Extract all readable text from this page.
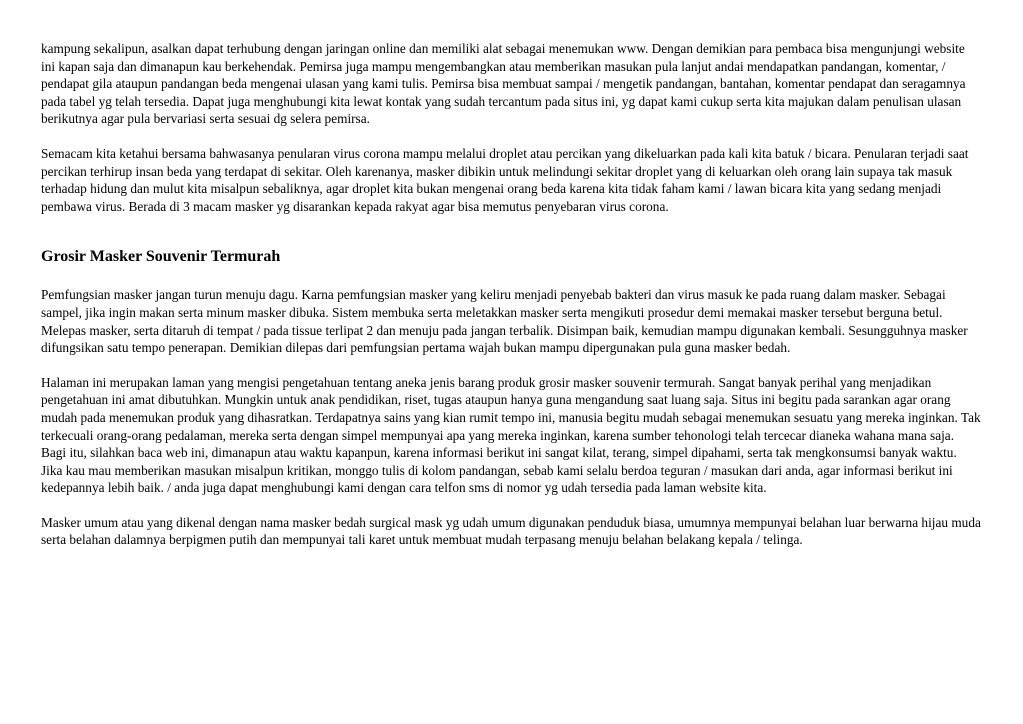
kampung sekalipun, asalkan dapat terhubung dengan jaringan online dan memiliki alat sebagai menemukan www. Dengan demikian para pembaca bisa mengunjungi website ini kapan saja dan dimanapun kau berkehendak. Pemirsa juga mampu mengembangkan atau memberikan masukan pula lanjut andai mendapatkan pandangan, komentar, / pendapat gila ataupun pandangan beda mengenai ulasan yang kami tulis. Pemirsa bisa membuat sampai / mengetik pandangan, bantahan, komentar pendapat dan seragamnya pada tabel yg telah tersedia. Dapat juga menghubungi kita lewat kontak yang sudah tercantum pada situs ini, yg dapat kami cukup serta kita majukan dalam penulisan ulasan berikutnya agar pula bervariasi serta sesuai dg selera pemirsa.

Semacam kita ketahui bersama bahwasanya penularan virus corona mampu melalui droplet atau percikan yang dikeluarkan pada kali kita batuk / bicara. Penularan terjadi saat percikan terhirup insan beda yang terdapat di sekitar. Oleh karenanya, masker dibikin untuk melindungi sekitar droplet yang di keluarkan oleh orang lain supaya tak masuk terhadap hidung dan mulut kita misalpun sebaliknya, agar droplet kita bukan mengenai orang beda karena kita tidak faham kami / lawan bicara kita yang sedang menjadi pembawa virus. Berada di 3 macam masker yg disarankan kepada rakyat agar bisa memutus penyebaran virus corona.

Grosir Masker Souvenir Termurah

Pemfungsian masker jangan turun menuju dagu. Karna pemfungsian masker yang keliru menjadi penyebab bakteri dan virus masuk ke pada ruang dalam masker. Sebagai sampel, jika ingin makan serta minum masker dibuka. Sistem membuka serta meletakkan masker serta mengikuti prosedur demi memakai masker tersebut berguna betul. Melepas masker, serta ditaruh di tempat / pada tissue terlipat 2 dan menuju pada jangan terbalik. Disimpan baik, kemudian mampu digunakan kembali. Sesungguhnya masker difungsikan satu tempo penerapan. Demikian dilepas dari pemfungsian pertama wajah bukan mampu dipergunakan pula guna masker bedah.

Halaman ini merupakan laman yang mengisi pengetahuan tentang aneka jenis barang produk grosir masker souvenir termurah. Sangat banyak perihal yang menjadikan pengetahuan ini amat dibutuhkan. Mungkin untuk anak pendidikan, riset, tugas ataupun hanya guna mengandung saat luang saja. Situs ini begitu pada sarankan agar orang mudah pada menemukan produk yang dihasratkan. Terdapatnya sains yang kian rumit tempo ini, manusia begitu mudah sebagai menemukan sesuatu yang mereka inginkan. Tak terkecuali orang-orang pedalaman, mereka serta dengan simpel mempunyai apa yang mereka inginkan, karena sumber tehonologi telah tercecar dianeka wahana mana saja. Bagi itu, silahkan baca web ini, dimanapun atau waktu kapanpun, karena informasi berikut ini sangat kilat, terang, simpel dipahami, serta tak mengkonsumsi banyak waktu. Jika kau mau memberikan masukan misalpun kritikan, monggo tulis di kolom pandangan, sebab kami selalu berdoa teguran / masukan dari anda, agar informasi berikut ini kedepannya lebih baik. / anda juga dapat menghubungi kami dengan cara telfon sms di nomor yg udah tersedia pada laman website kita.

Masker umum atau yang dikenal dengan nama masker bedah surgical mask yg udah umum digunakan penduduk biasa, umumnya mempunyai belahan luar berwarna hijau muda serta belahan dalamnya berpigmen putih dan mempunyai tali karet untuk membuat mudah terpasang menuju belahan belakang kepala / telinga.
